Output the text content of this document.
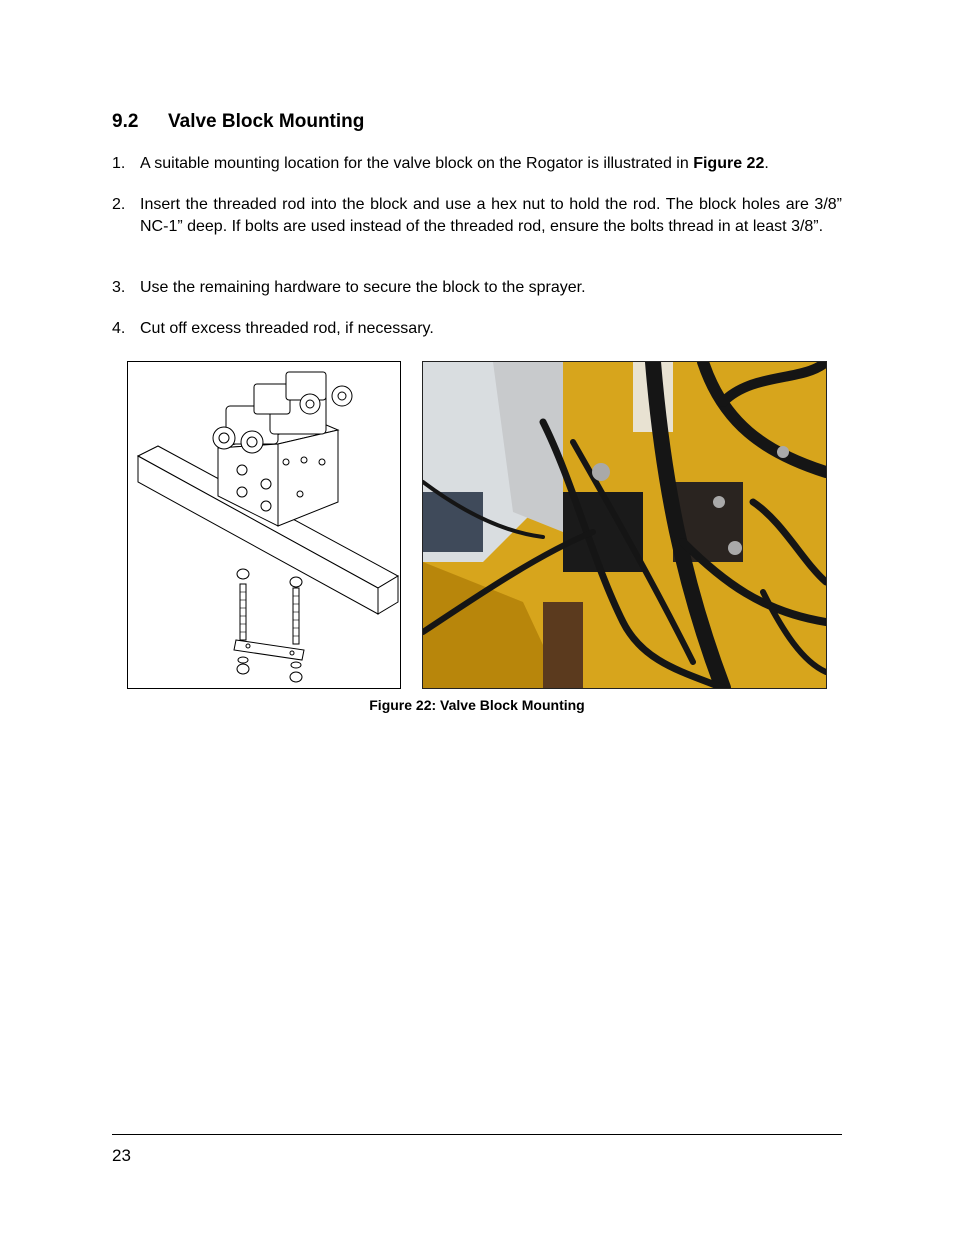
9.2 Valve Block Mounting
1. A suitable mounting location for the valve block on the Rogator is illustrated in Figure 22.
2. Insert the threaded rod into the block and use a hex nut to hold the rod. The block holes are 3/8” NC-1” deep. If bolts are used instead of the threaded rod, ensure the bolts thread in at least 3/8”.
3. Use the remaining hardware to secure the block to the sprayer.
4. Cut off excess threaded rod, if necessary.
Figure 22: Valve Block Mounting
23
